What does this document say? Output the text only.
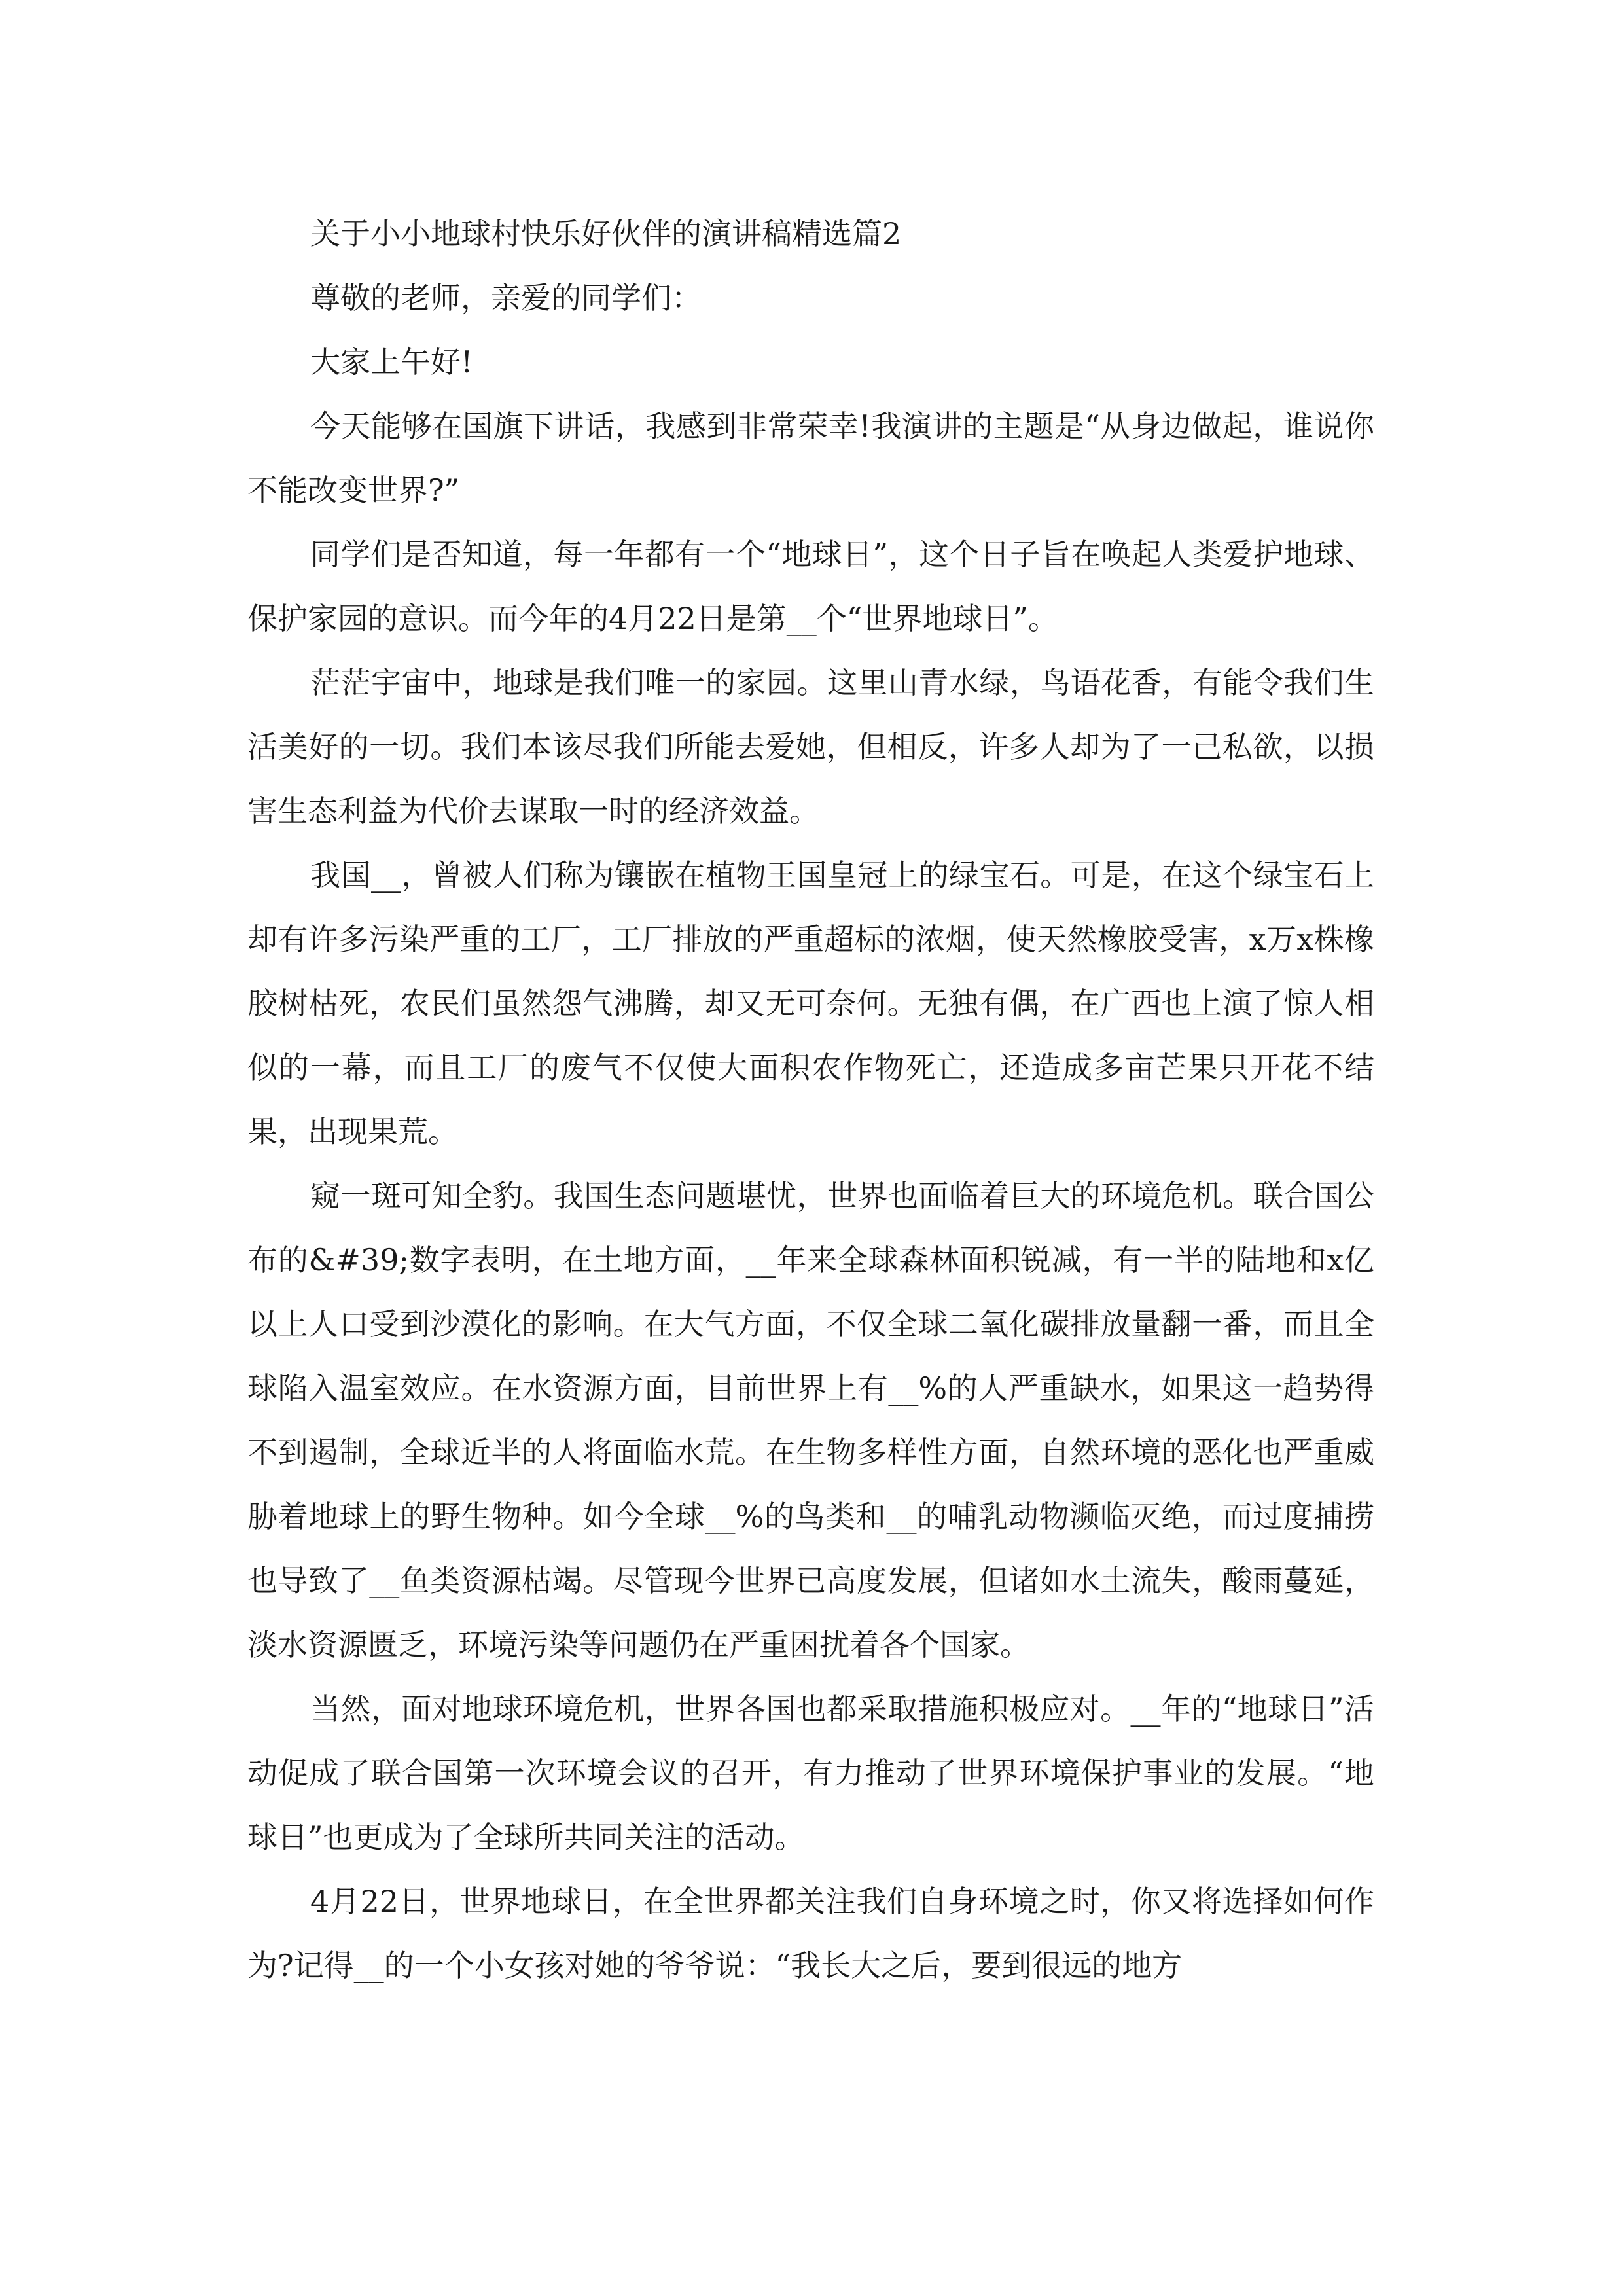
关于小小地球村快乐好伙伴的演讲稿精选篇2

尊敬的老师，亲爱的同学们：

大家上午好!

今天能够在国旗下讲话，我感到非常荣幸!我演讲的主题是“从身边做起，谁说你不能改变世界?”

同学们是否知道，每一年都有一个“地球日”，这个日子旨在唤起人类爱护地球、保护家园的意识。而今年的4月22日是第__个“世界地球日”。

茫茫宇宙中，地球是我们唯一的家园。这里山青水绿，鸟语花香，有能令我们生活美好的一切。我们本该尽我们所能去爱她，但相反，许多人却为了一己私欲，以损害生态利益为代价去谋取一时的经济效益。

我国__，曾被人们称为镶嵌在植物王国皇冠上的绿宝石。可是，在这个绿宝石上却有许多污染严重的工厂，工厂排放的严重超标的浓烟，使天然橡胶受害，x万x株橡胶树枯死，农民们虽然怨气沸腾，却又无可奈何。无独有偶，在广西也上演了惊人相似的一幕，而且工厂的废气不仅使大面积农作物死亡，还造成多亩芒果只开花不结果，出现果荒。

窥一斑可知全豹。我国生态问题堪忧，世界也面临着巨大的环境危机。联合国公布的&#39;数字表明，在土地方面，__年来全球森林面积锐减，有一半的陆地和x亿以上人口受到沙漠化的影响。在大气方面，不仅全球二氧化碳排放量翻一番，而且全球陷入温室效应。在水资源方面，目前世界上有__%的人严重缺水，如果这一趋势得不到遏制，全球近半的人将面临水荒。在生物多样性方面，自然环境的恶化也严重威胁着地球上的野生物种。如今全球__%的鸟类和__的哺乳动物濒临灭绝，而过度捕捞也导致了__鱼类资源枯竭。尽管现今世界已高度发展，但诸如水土流失，酸雨蔓延，淡水资源匮乏，环境污染等问题仍在严重困扰着各个国家。

当然，面对地球环境危机，世界各国也都采取措施积极应对。__年的“地球日”活动促成了联合国第一次环境会议的召开，有力推动了世界环境保护事业的发展。“地球日”也更成为了全球所共同关注的活动。

4月22日，世界地球日，在全世界都关注我们自身环境之时，你又将选择如何作为?记得__的一个小女孩对她的爷爷说：“我长大之后，要到很远的地方
